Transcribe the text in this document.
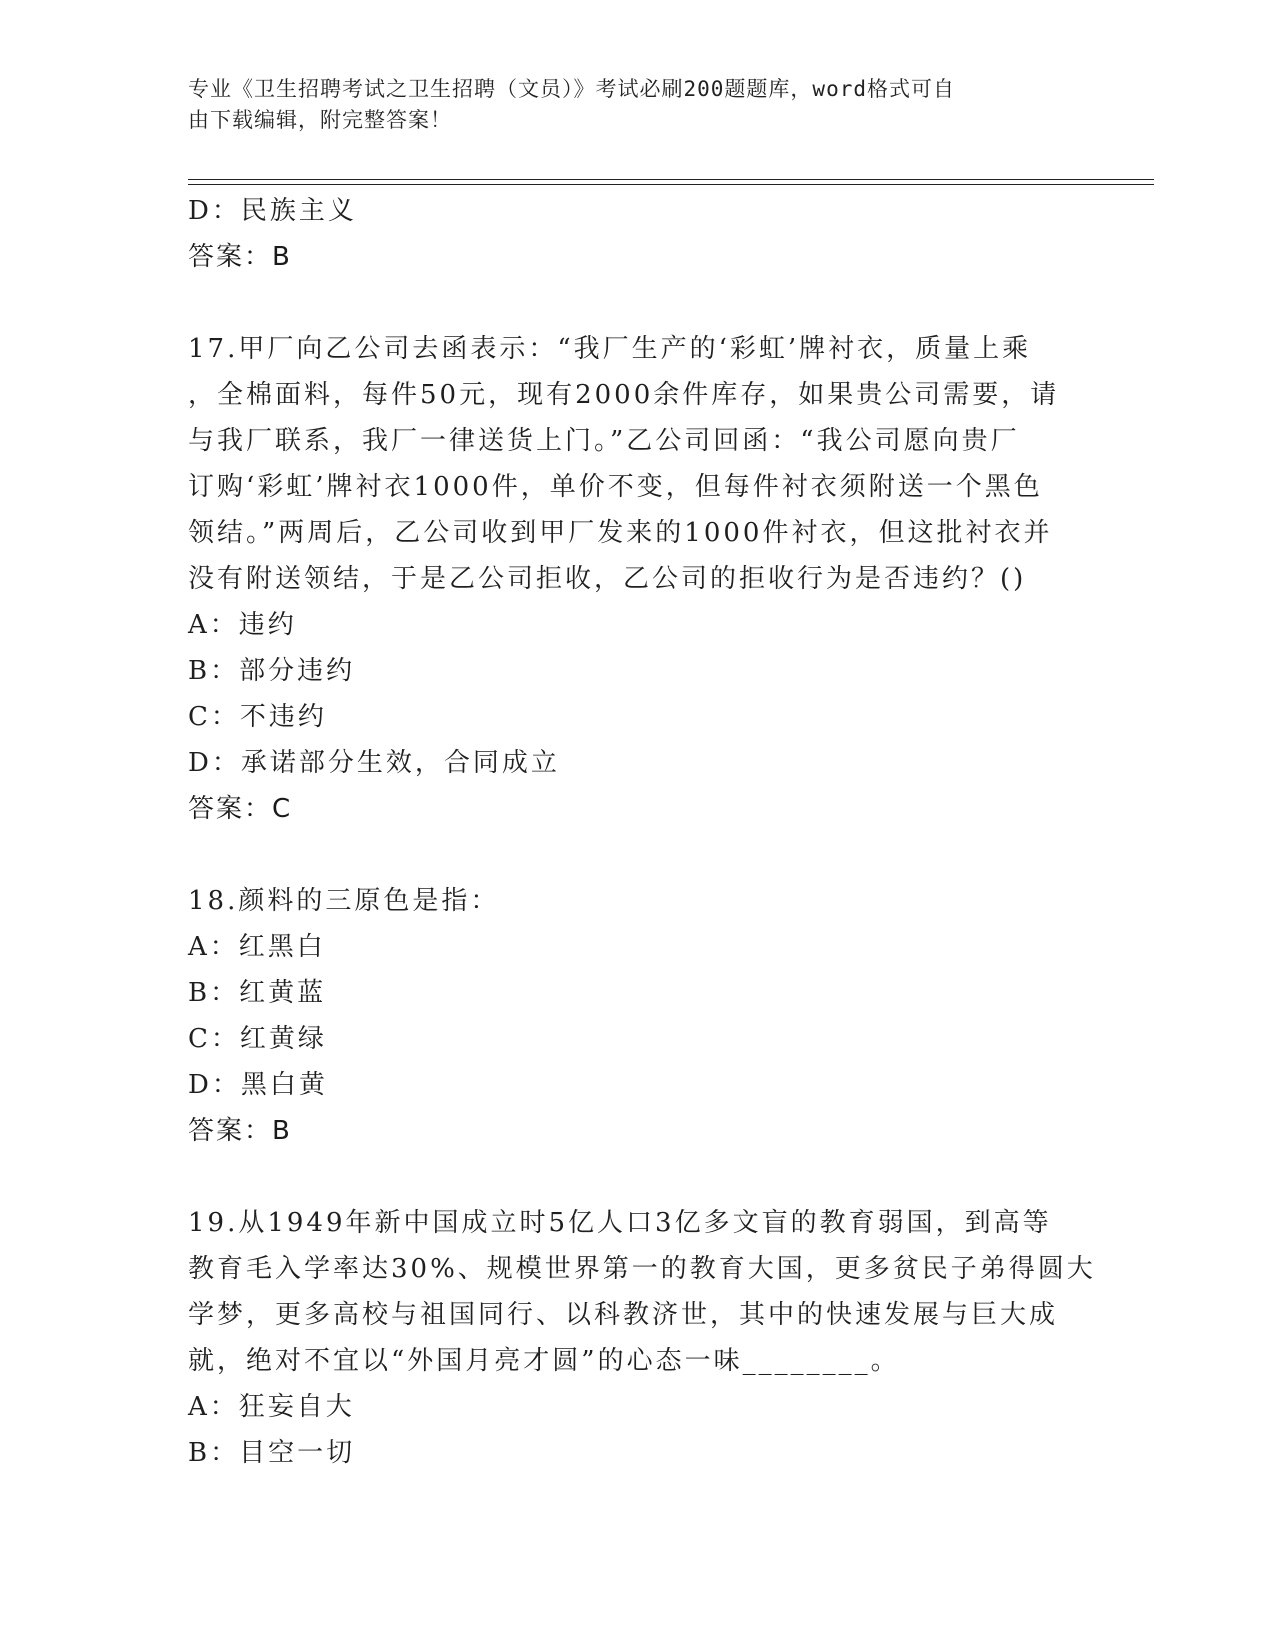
专业《卫生招聘考试之卫生招聘（文员）》考试必刷200题题库，word格式可自
由下载编辑，附完整答案！
D：民族主义
答案：B
17.甲厂向乙公司去函表示：“我厂生产的‘彩虹’牌衬衣，质量上乘
，全棉面料，每件50元，现有2000余件库存，如果贵公司需要，请
与我厂联系，我厂一律送货上门。”乙公司回函：“我公司愿向贵厂
订购‘彩虹’牌衬衣1000件，单价不变，但每件衬衣须附送一个黑色
领结。”两周后，乙公司收到甲厂发来的1000件衬衣，但这批衬衣并
没有附送领结，于是乙公司拒收，乙公司的拒收行为是否违约？()
A：违约
B：部分违约
C：不违约
D：承诺部分生效，合同成立
答案：C
18.颜料的三原色是指：
A：红黑白
B：红黄蓝
C：红黄绿
D：黑白黄
答案：B
19.从1949年新中国成立时5亿人口3亿多文盲的教育弱国，到高等
教育毛入学率达30%、规模世界第一的教育大国，更多贫民子弟得圆大
学梦，更多高校与祖国同行、以科教济世，其中的快速发展与巨大成
就，绝对不宜以“外国月亮才圆”的心态一味________。
A：狂妄自大
B：目空一切
